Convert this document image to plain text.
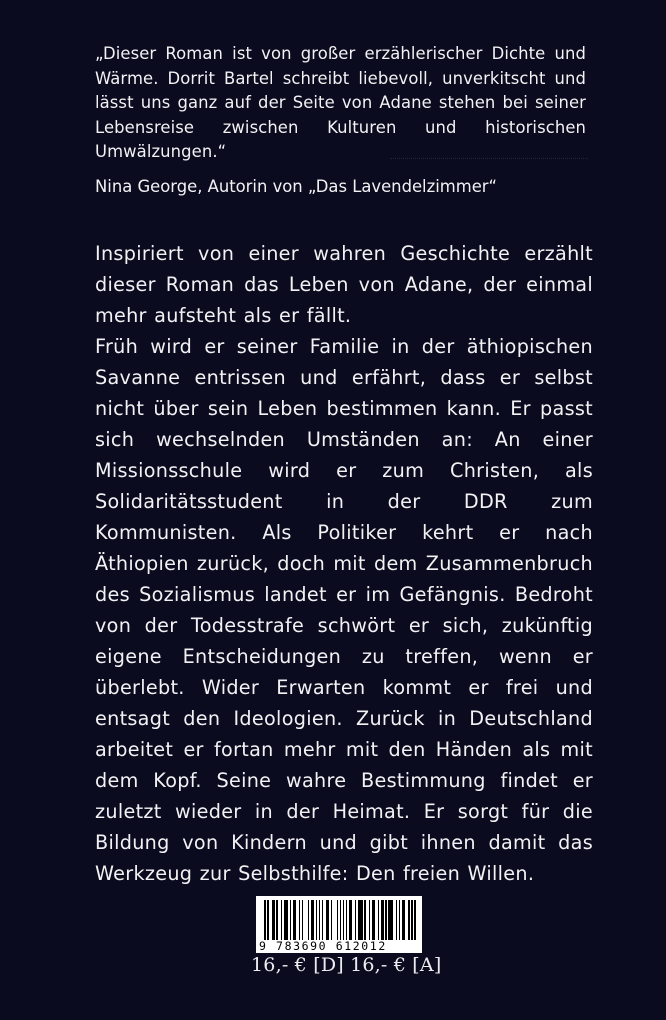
„Dieser Roman ist von großer erzählerischer Dichte und Wärme. Dorrit Bartel schreibt liebevoll, unverkitscht und lässt uns ganz auf der Seite von Adane stehen bei seiner Lebensreise zwischen Kulturen und historischen Umwälzungen.“

Nina George, Autorin von „Das Lavendelzimmer“

Inspiriert von einer wahren Geschichte erzählt dieser Roman das Leben von Adane, der einmal mehr aufsteht als er fällt.

Früh wird er seiner Familie in der äthiopischen Savanne entrissen und erfährt, dass er selbst nicht über sein Leben bestimmen kann. Er passt sich wechselnden Umständen an: An einer Missionsschule wird er zum Christen, als Solidaritätsstudent in der DDR zum Kommunisten. Als Politiker kehrt er nach Äthiopien zurück, doch mit dem Zusammenbruch des Sozialismus landet er im Gefängnis. Bedroht von der Todesstrafe schwört er sich, zukünftig eigene Entscheidungen zu treffen, wenn er überlebt. Wider Erwarten kommt er frei und entsagt den Ideologien. Zurück in Deutschland arbeitet er fortan mehr mit den Händen als mit dem Kopf. Seine wahre Bestimmung findet er zuletzt wieder in der Heimat. Er sorgt für die Bildung von Kindern und gibt ihnen damit das Werkzeug zur Selbsthilfe: Den freien Willen.

9 783690 612012
16,- € [D] 16,- € [A]
